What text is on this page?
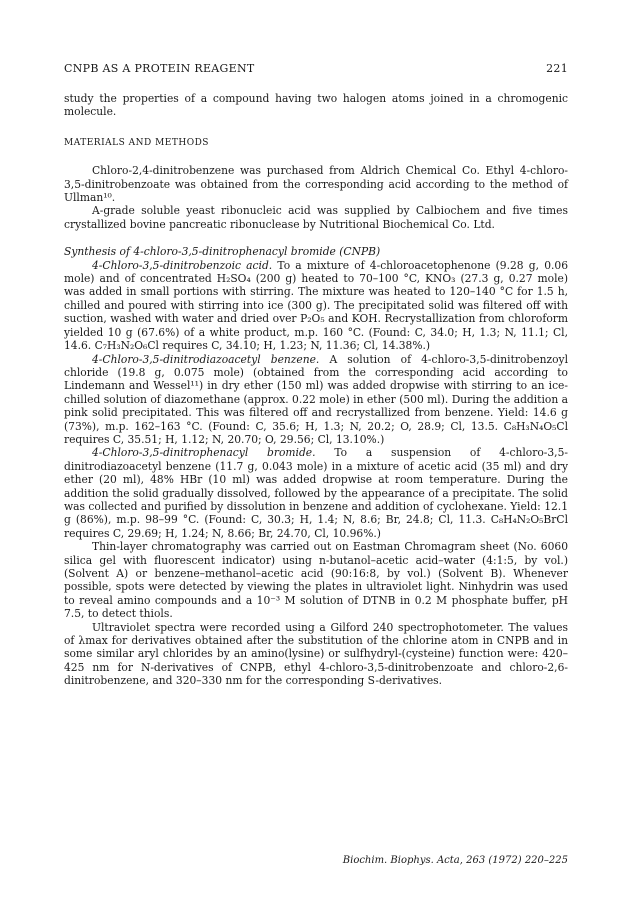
CNPB AS A PROTEIN REAGENT	221

study the properties of a compound having two halogen atoms joined in a chromogenic molecule.

MATERIALS AND METHODS

Chloro-2,4-dinitrobenzene was purchased from Aldrich Chemical Co. Ethyl 4-chloro-3,5-dinitrobenzoate was obtained from the corresponding acid according to the method of Ullman¹⁰.

A-grade soluble yeast ribonucleic acid was supplied by Calbiochem and five times crystallized bovine pancreatic ribonuclease by Nutritional Biochemical Co. Ltd.

Synthesis of 4-chloro-3,5-dinitrophenacyl bromide (CNPB)

4-Chloro-3,5-dinitrobenzoic acid. To a mixture of 4-chloroacetophenone (9.28 g, 0.06 mole) and of concentrated H₂SO₄ (200 g) heated to 70–100 °C, KNO₃ (27.3 g, 0.27 mole) was added in small portions with stirring. The mixture was heated to 120–140 °C for 1.5 h, chilled and poured with stirring into ice (300 g). The precipitated solid was filtered off with suction, washed with water and dried over P₂O₅ and KOH. Recrystallization from chloroform yielded 10 g (67.6%) of a white product, m.p. 160 °C. (Found: C, 34.0; H, 1.3; N, 11.1; Cl, 14.6. C₇H₃N₂O₆Cl requires C, 34.10; H, 1.23; N, 11.36; Cl, 14.38%.)

4-Chloro-3,5-dinitrodiazoacetyl benzene. A solution of 4-chloro-3,5-dinitrobenzoyl chloride (19.8 g, 0.075 mole) (obtained from the corresponding acid according to Lindemann and Wessel¹¹) in dry ether (150 ml) was added dropwise with stirring to an ice-chilled solution of diazomethane (approx. 0.22 mole) in ether (500 ml). During the addition a pink solid precipitated. This was filtered off and recrystallized from benzene. Yield: 14.6 g (73%), m.p. 162–163 °C. (Found: C, 35.6; H, 1.3; N, 20.2; O, 28.9; Cl, 13.5. C₈H₃N₄O₅Cl requires C, 35.51; H, 1.12; N, 20.70; O, 29.56; Cl, 13.10%.)

4-Chloro-3,5-dinitrophenacyl bromide. To a suspension of 4-chloro-3,5-dinitrodiazoacetyl benzene (11.7 g, 0.043 mole) in a mixture of acetic acid (35 ml) and dry ether (20 ml), 48% HBr (10 ml) was added dropwise at room temperature. During the addition the solid gradually dissolved, followed by the appearance of a precipitate. The solid was collected and purified by dissolution in benzene and addition of cyclohexane. Yield: 12.1 g (86%), m.p. 98–99 °C. (Found: C, 30.3; H, 1.4; N, 8.6; Br, 24.8; Cl, 11.3. C₈H₄N₂O₅BrCl requires C, 29.69; H, 1.24; N, 8.66; Br, 24.70, Cl, 10.96%.)

Thin-layer chromatography was carried out on Eastman Chromagram sheet (No. 6060 silica gel with fluorescent indicator) using n-butanol–acetic acid–water (4:1:5, by vol.) (Solvent A) or benzene–methanol–acetic acid (90:16:8, by vol.) (Solvent B). Whenever possible, spots were detected by viewing the plates in ultraviolet light. Ninhydrin was used to reveal amino compounds and a 10⁻³ M solution of DTNB in 0.2 M phosphate buffer, pH 7.5, to detect thiols.

Ultraviolet spectra were recorded using a Gilford 240 spectrophotometer. The values of λmax for derivatives obtained after the substitution of the chlorine atom in CNPB and in some similar aryl chlorides by an amino(lysine) or sulfhydryl-(cysteine) function were: 420–425 nm for N-derivatives of CNPB, ethyl 4-chloro-3,5-dinitrobenzoate and chloro-2,6-dinitrobenzene, and 320–330 nm for the corresponding S-derivatives.

Biochim. Biophys. Acta, 263 (1972) 220–225
